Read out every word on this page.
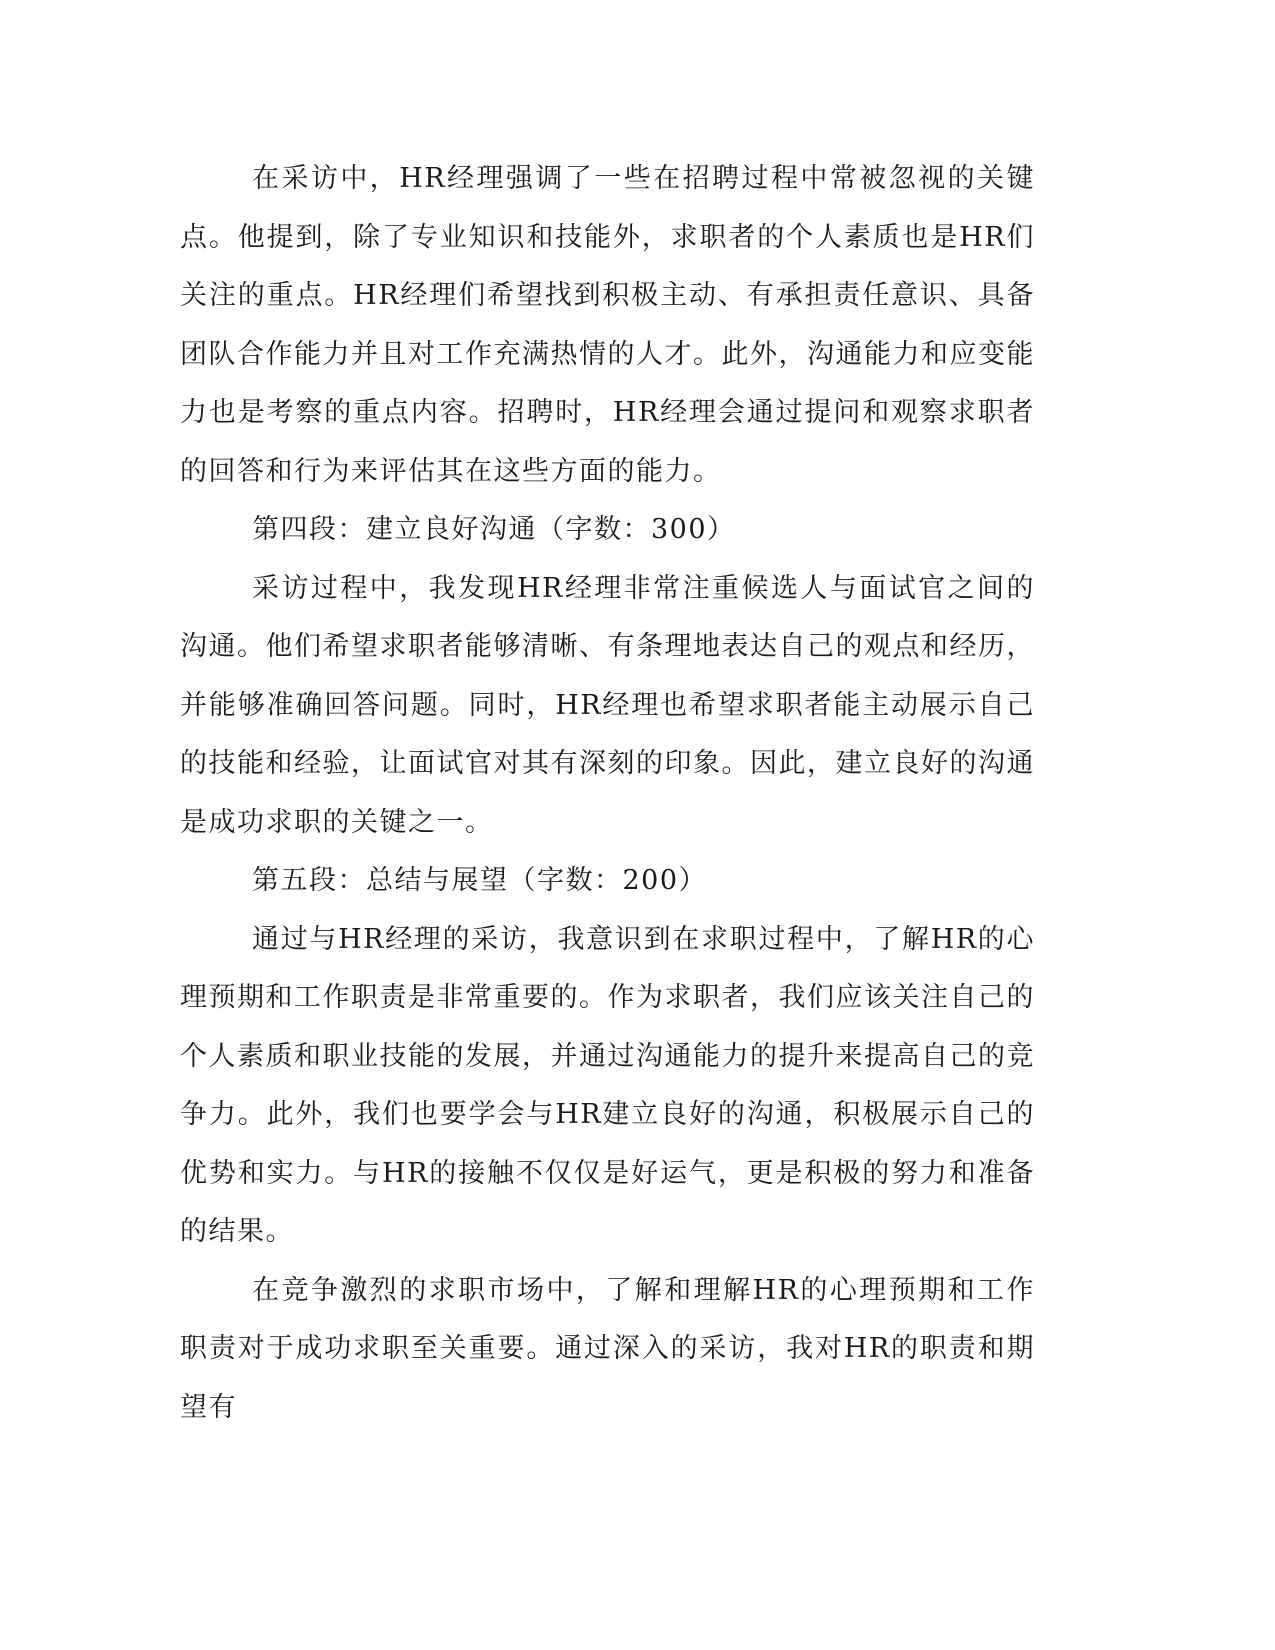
在采访中，HR经理强调了一些在招聘过程中常被忽视的关键点。他提到，除了专业知识和技能外，求职者的个人素质也是HR们关注的重点。HR经理们希望找到积极主动、有承担责任意识、具备团队合作能力并且对工作充满热情的人才。此外，沟通能力和应变能力也是考察的重点内容。招聘时，HR经理会通过提问和观察求职者的回答和行为来评估其在这些方面的能力。

第四段：建立良好沟通（字数：300）

采访过程中，我发现HR经理非常注重候选人与面试官之间的沟通。他们希望求职者能够清晰、有条理地表达自己的观点和经历，并能够准确回答问题。同时，HR经理也希望求职者能主动展示自己的技能和经验，让面试官对其有深刻的印象。因此，建立良好的沟通是成功求职的关键之一。

第五段：总结与展望（字数：200）

通过与HR经理的采访，我意识到在求职过程中，了解HR的心理预期和工作职责是非常重要的。作为求职者，我们应该关注自己的个人素质和职业技能的发展，并通过沟通能力的提升来提高自己的竞争力。此外，我们也要学会与HR建立良好的沟通，积极展示自己的优势和实力。与HR的接触不仅仅是好运气，更是积极的努力和准备的结果。

在竞争激烈的求职市场中，了解和理解HR的心理预期和工作职责对于成功求职至关重要。通过深入的采访，我对HR的职责和期望有
